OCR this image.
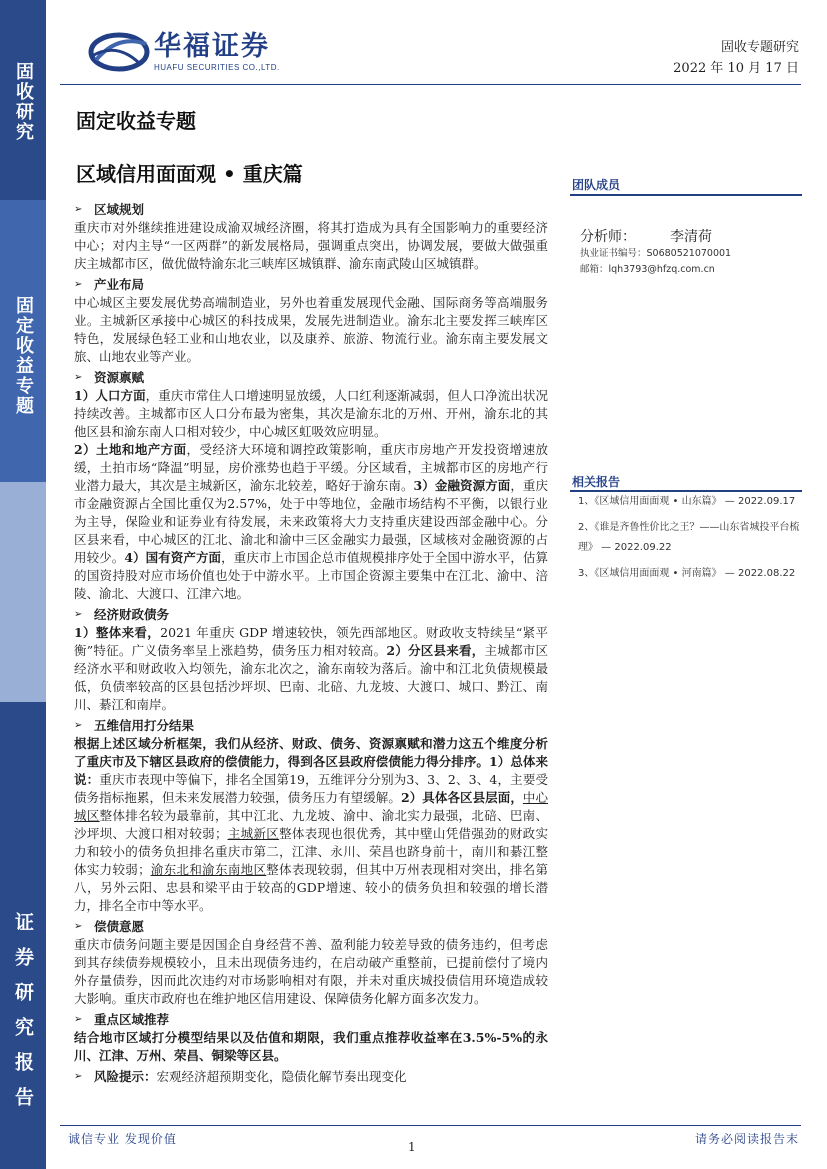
固收研究
固定收益专题
证券研究报告
华福证券
HUAFU SECURITIES CO.,LTD.
固收专题研究
2022 年 10 月 17 日
固定收益专题
区域信用面面观 • 重庆篇
➢ 区域规划
重庆市对外继续推进建设成渝双城经济圈，将其打造成为具有全国影响力的重要经济中心；对内主导“一区两群”的新发展格局，强调重点突出，协调发展，要做大做强重庆主城都市区，做优做特渝东北三峡库区城镇群、渝东南武陵山区城镇群。
➢ 产业布局
中心城区主要发展优势高端制造业，另外也着重发展现代金融、国际商务等高端服务业。主城新区承接中心城区的科技成果，发展先进制造业。渝东北主要发挥三峡库区特色，发展绿色轻工业和山地农业，以及康养、旅游、物流行业。渝东南主要发展文旅、山地农业等产业。
➢ 资源禀赋
1）人口方面，重庆市常住人口增速明显放缓，人口红利逐渐减弱，但人口净流出状况持续改善。主城都市区人口分布最为密集，其次是渝东北的万州、开州，渝东北的其他区县和渝东南人口相对较少，中心城区虹吸效应明显。
2）土地和地产方面，受经济大环境和调控政策影响，重庆市房地产开发投资增速放缓，土拍市场“降温”明显，房价涨势也趋于平缓。分区域看，主城都市区的房地产行业潜力最大，其次是主城新区，渝东北较差，略好于渝东南。3）金融资源方面，重庆市金融资源占全国比重仅为2.57%，处于中等地位，金融市场结构不平衡，以银行业为主导，保险业和证券业有待发展，未来政策将大力支持重庆建设西部金融中心。分区县来看，中心城区的江北、渝北和渝中三区金融实力最强，区域核对金融资源的占用较少。4）国有资产方面，重庆市上市国企总市值规模排序处于全国中游水平，估算的国资持股对应市场价值也处于中游水平。上市国企资源主要集中在江北、渝中、涪陵、渝北、大渡口、江津六地。
➢ 经济财政债务
1）整体来看，2021 年重庆 GDP 增速较快，领先西部地区。财政收支特续呈“紧平衡”特征。广义债务率呈上涨趋势，债务压力相对较高。2）分区县来看，主城都市区经济水平和财政收入均领先，渝东北次之，渝东南较为落后。渝中和江北负债规模最低，负债率较高的区县包括沙坪坝、巴南、北碚、九龙坡、大渡口、城口、黔江、南川、綦江和南岸。
➢ 五维信用打分结果
根据上述区域分析框架，我们从经济、财政、债务、资源禀赋和潜力这五个维度分析了重庆市及下辖区县政府的偿债能力，得到各区县政府偿债能力得分排序。1）总体来说：重庆市表现中等偏下，排名全国第19，五维评分分别为3、3、2、3、4，主要受债务指标拖累，但未来发展潜力较强，债务压力有望缓解。2）具体各区县层面，中心城区整体排名较为最靠前，其中江北、九龙坡、渝中、渝北实力最强，北碚、巴南、沙坪坝、大渡口相对较弱；主城新区整体表现也很优秀，其中壁山凭借强劲的财政实力和较小的债务负担排名重庆市第二，江津、永川、荣昌也跻身前十，南川和綦江整体实力较弱；渝东北和渝东南地区整体表现较弱，但其中万州表现相对突出，排名第八，另外云阳、忠县和梁平由于较高的GDP增速、较小的债务负担和较强的增长潜力，排名全市中等水平。
➢ 偿债意愿
重庆市债务问题主要是因国企自身经营不善、盈利能力较差导致的债务违约，但考虑到其存续债券规模较小，且未出现债务违约，在启动破产重整前，已提前偿付了境内外存量债券，因而此次违约对市场影响相对有限，并未对重庆城投债信用环境造成较大影响。重庆市政府也在维护地区信用建设、保障债务化解方面多次发力。
➢ 重点区域推荐
结合地市区域打分模型结果以及估值和期限，我们重点推荐收益率在3.5%-5%的永川、江津、万州、荣昌、铜梁等区县。
➢ 风险提示： 宏观经济超预期变化，隐债化解节奏出现变化
团队成员
分析师： 李清荷
执业证书编号：S0680521070001
邮箱：lqh3793@hfzq.com.cn
相关报告
1、《区域信用面面观 • 山东篇》 — 2022.09.17
2、《谁是齐鲁性价比之王？——山东省城投平台梳理》 — 2022.09.22
3、《区域信用面面观 • 河南篇》 — 2022.08.22
诚信专业 发现价值
1
请务必阅读报告末
